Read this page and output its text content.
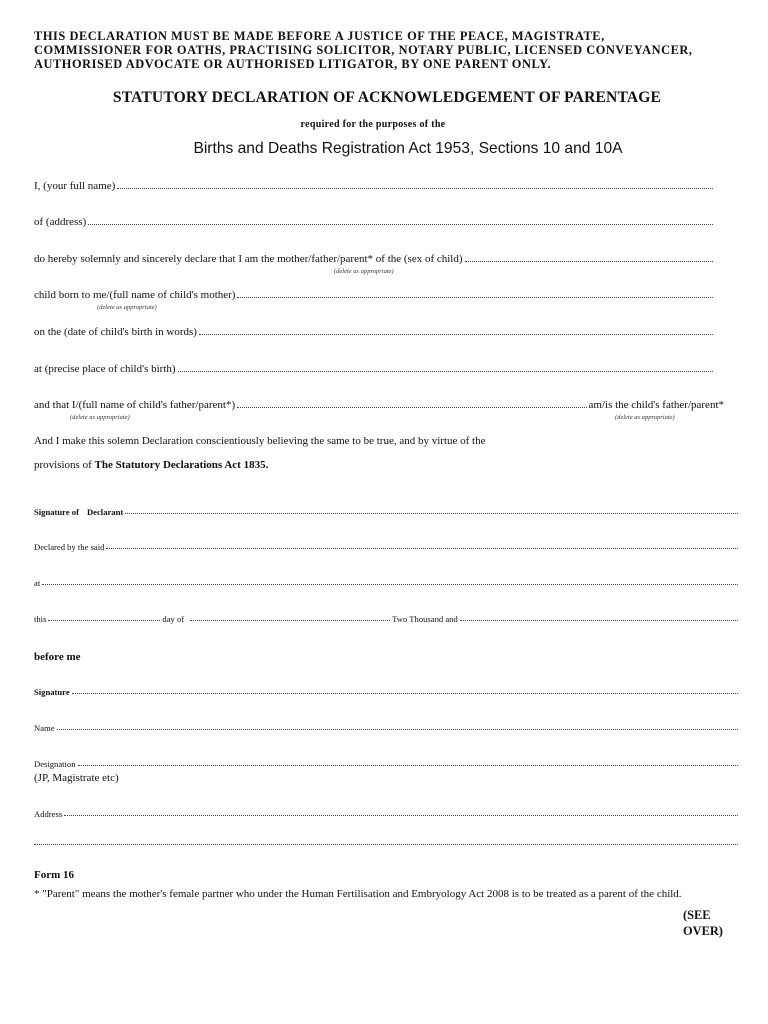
THIS DECLARATION MUST BE MADE BEFORE A JUSTICE OF THE PEACE, MAGISTRATE,
COMMISSIONER FOR OATHS, PRACTISING SOLICITOR, NOTARY PUBLIC, LICENSED CONVEYANCER,
AUTHORISED ADVOCATE OR AUTHORISED LITIGATOR, BY ONE PARENT ONLY.
STATUTORY DECLARATION OF ACKNOWLEDGEMENT OF PARENTAGE
required for the purposes of the
Births and Deaths Registration Act 1953, Sections 10 and 10A
I, (your full name)
of (address)
do hereby solemnly and sincerely declare that I am the mother/father/parent* of the (sex of child)
(delete as appropriate)
child born to me/(full name of child's mother)
(delete as appropriate)
on the (date of child's birth in words)
at (precise place of child's birth)
and that I/(full name of child's father/parent*)	am/is the child's father/parent*
(delete as appropriate)	(delete as appropriate)
And I make this solemn Declaration conscientiously believing the same to be true, and by virtue of the
provisions of The Statutory Declarations Act 1835.
Signature of Declarant
Declared by the said
at
this	day of	Two Thousand and
before me
Signature
Name
Designation
(JP, Magistrate etc)
Address
Form 16
* "Parent" means the mother's female partner who under the Human Fertilisation and Embryology Act 2008 is to be treated as a parent of the child.
(SEE
OVER)
